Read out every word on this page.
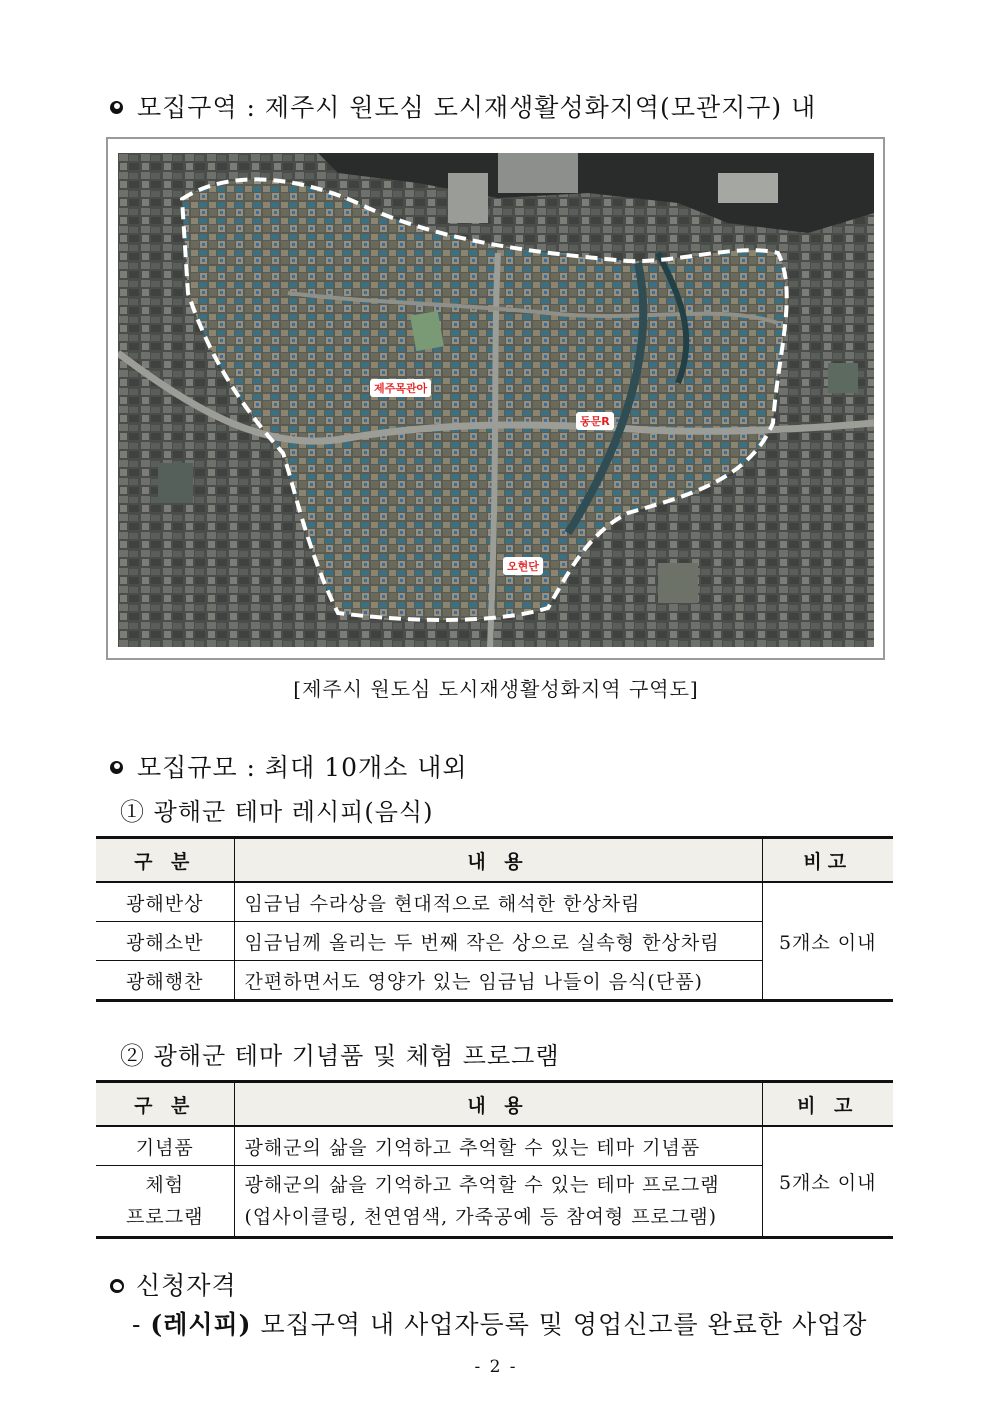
모집구역 : 제주시 원도심 도시재생활성화지역(모관지구) 내
제주목관아
동문R
오현단
[제주시 원도심 도시재생활성화지역 구역도]
모집규모 : 최대 10개소 내외
① 광해군 테마 레시피(음식)
구 분	내 용	비고
광해반상	임금님 수라상을 현대적으로 해석한 한상차림	5개소 이내
광해소반	임금님께 올리는 두 번째 작은 상으로 실속형 한상차림	
광해행찬	간편하면서도 영양가 있는 임금님 나들이 음식(단품)	
② 광해군 테마 기념품 및 체험 프로그램
구 분	내 용	비 고
기념품	광해군의 삶을 기억하고 추억할 수 있는 테마 기념품	5개소 이내

체험
프로그램	광해군의 삶을 기억하고 추억할 수 있는 테마 프로그램
(업사이클링, 천연염색, 가죽공예 등 참여형 프로그램)	
신청자격
- (레시피) 모집구역 내 사업자등록 및 영업신고를 완료한 사업장
- 2 -
